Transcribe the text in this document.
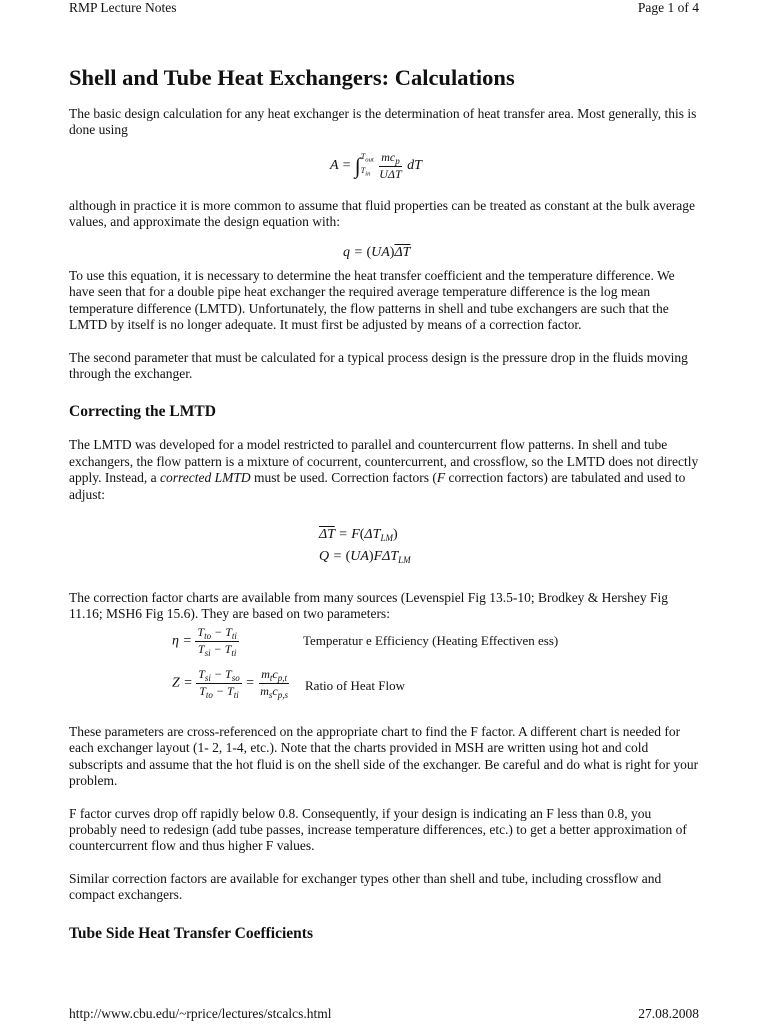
RMP Lecture Notes	Page 1 of 4
Shell and Tube Heat Exchangers: Calculations

The basic design calculation for any heat exchanger is the determination of heat transfer area. Most generally, this is done using

$A = \int T_{out}$
$T_{in} \frac{mc_p}{\text{UΔT}}$ dT

although in practice it is more common to assume that fluid properties can be treated as constant at the bulk average values, and approximate the design equation with:

$q = (UA)\overline{\Delta T}$

To use this equation, it is necessary to determine the heat transfer coefficient and the temperature difference. We have seen that for a double pipe heat exchanger the required average temperature difference is the log mean temperature difference (LMTD). Unfortunately, the flow patterns in shell and tube exchangers are such that the LMTD by itself is no longer adequate. It must first be adjusted by means of a correction factor.

The second parameter that must be calculated for a typical process design is the pressure drop in the fluids moving through the exchanger.

Correcting the LMTD

The LMTD was developed for a model restricted to parallel and countercurrent flow patterns. In shell and tube exchangers, the flow pattern is a mixture of cocurrent, countercurrent, and crossflow, so the LMTD does not directly apply. Instead, a corrected LMTD must be used. Correction factors (F correction factors) are tabulated and used to adjust:

$\overline{\Delta T} = F(\Delta T_{LM})$
$Q = (UA)F\Delta T_{LM}$

The correction factor charts are available from many sources (Levenspiel Fig 13.5-10; Brodkey & Hershey Fig 11.16; MSH6 Fig 15.6). They are based on two parameters:

$\eta = \frac{T_{to} - T_{ti}}{T_{si} - T_{ti}}$	Temperatur e Efficiency (Heating Effectiven ess)
$Z = \frac{T_{si} - T_{so}}{T_{to} - T_{ti}} = \frac{m_tc_{p,t}}{m_sc_{p,s}}$ Ratio of Heat Flow

These parameters are cross-referenced on the appropriate chart to find the F factor. A different chart is needed for each exchanger layout (1- 2, 1-4, etc.). Note that the charts provided in MSH are written using hot and cold subscripts and assume that the hot fluid is on the shell side of the exchanger. Be careful and do what is right for your problem.

F factor curves drop off rapidly below 0.8. Consequently, if your design is indicating an F less than 0.8, you probably need to redesign (add tube passes, increase temperature differences, etc.) to get a better approximation of countercurrent flow and thus higher F values.

Similar correction factors are available for exchanger types other than shell and tube, including crossflow and compact exchangers.

Tube Side Heat Transfer Coefficients
http://www.cbu.edu/~rprice/lectures/stcalcs.html	27.08.2008
